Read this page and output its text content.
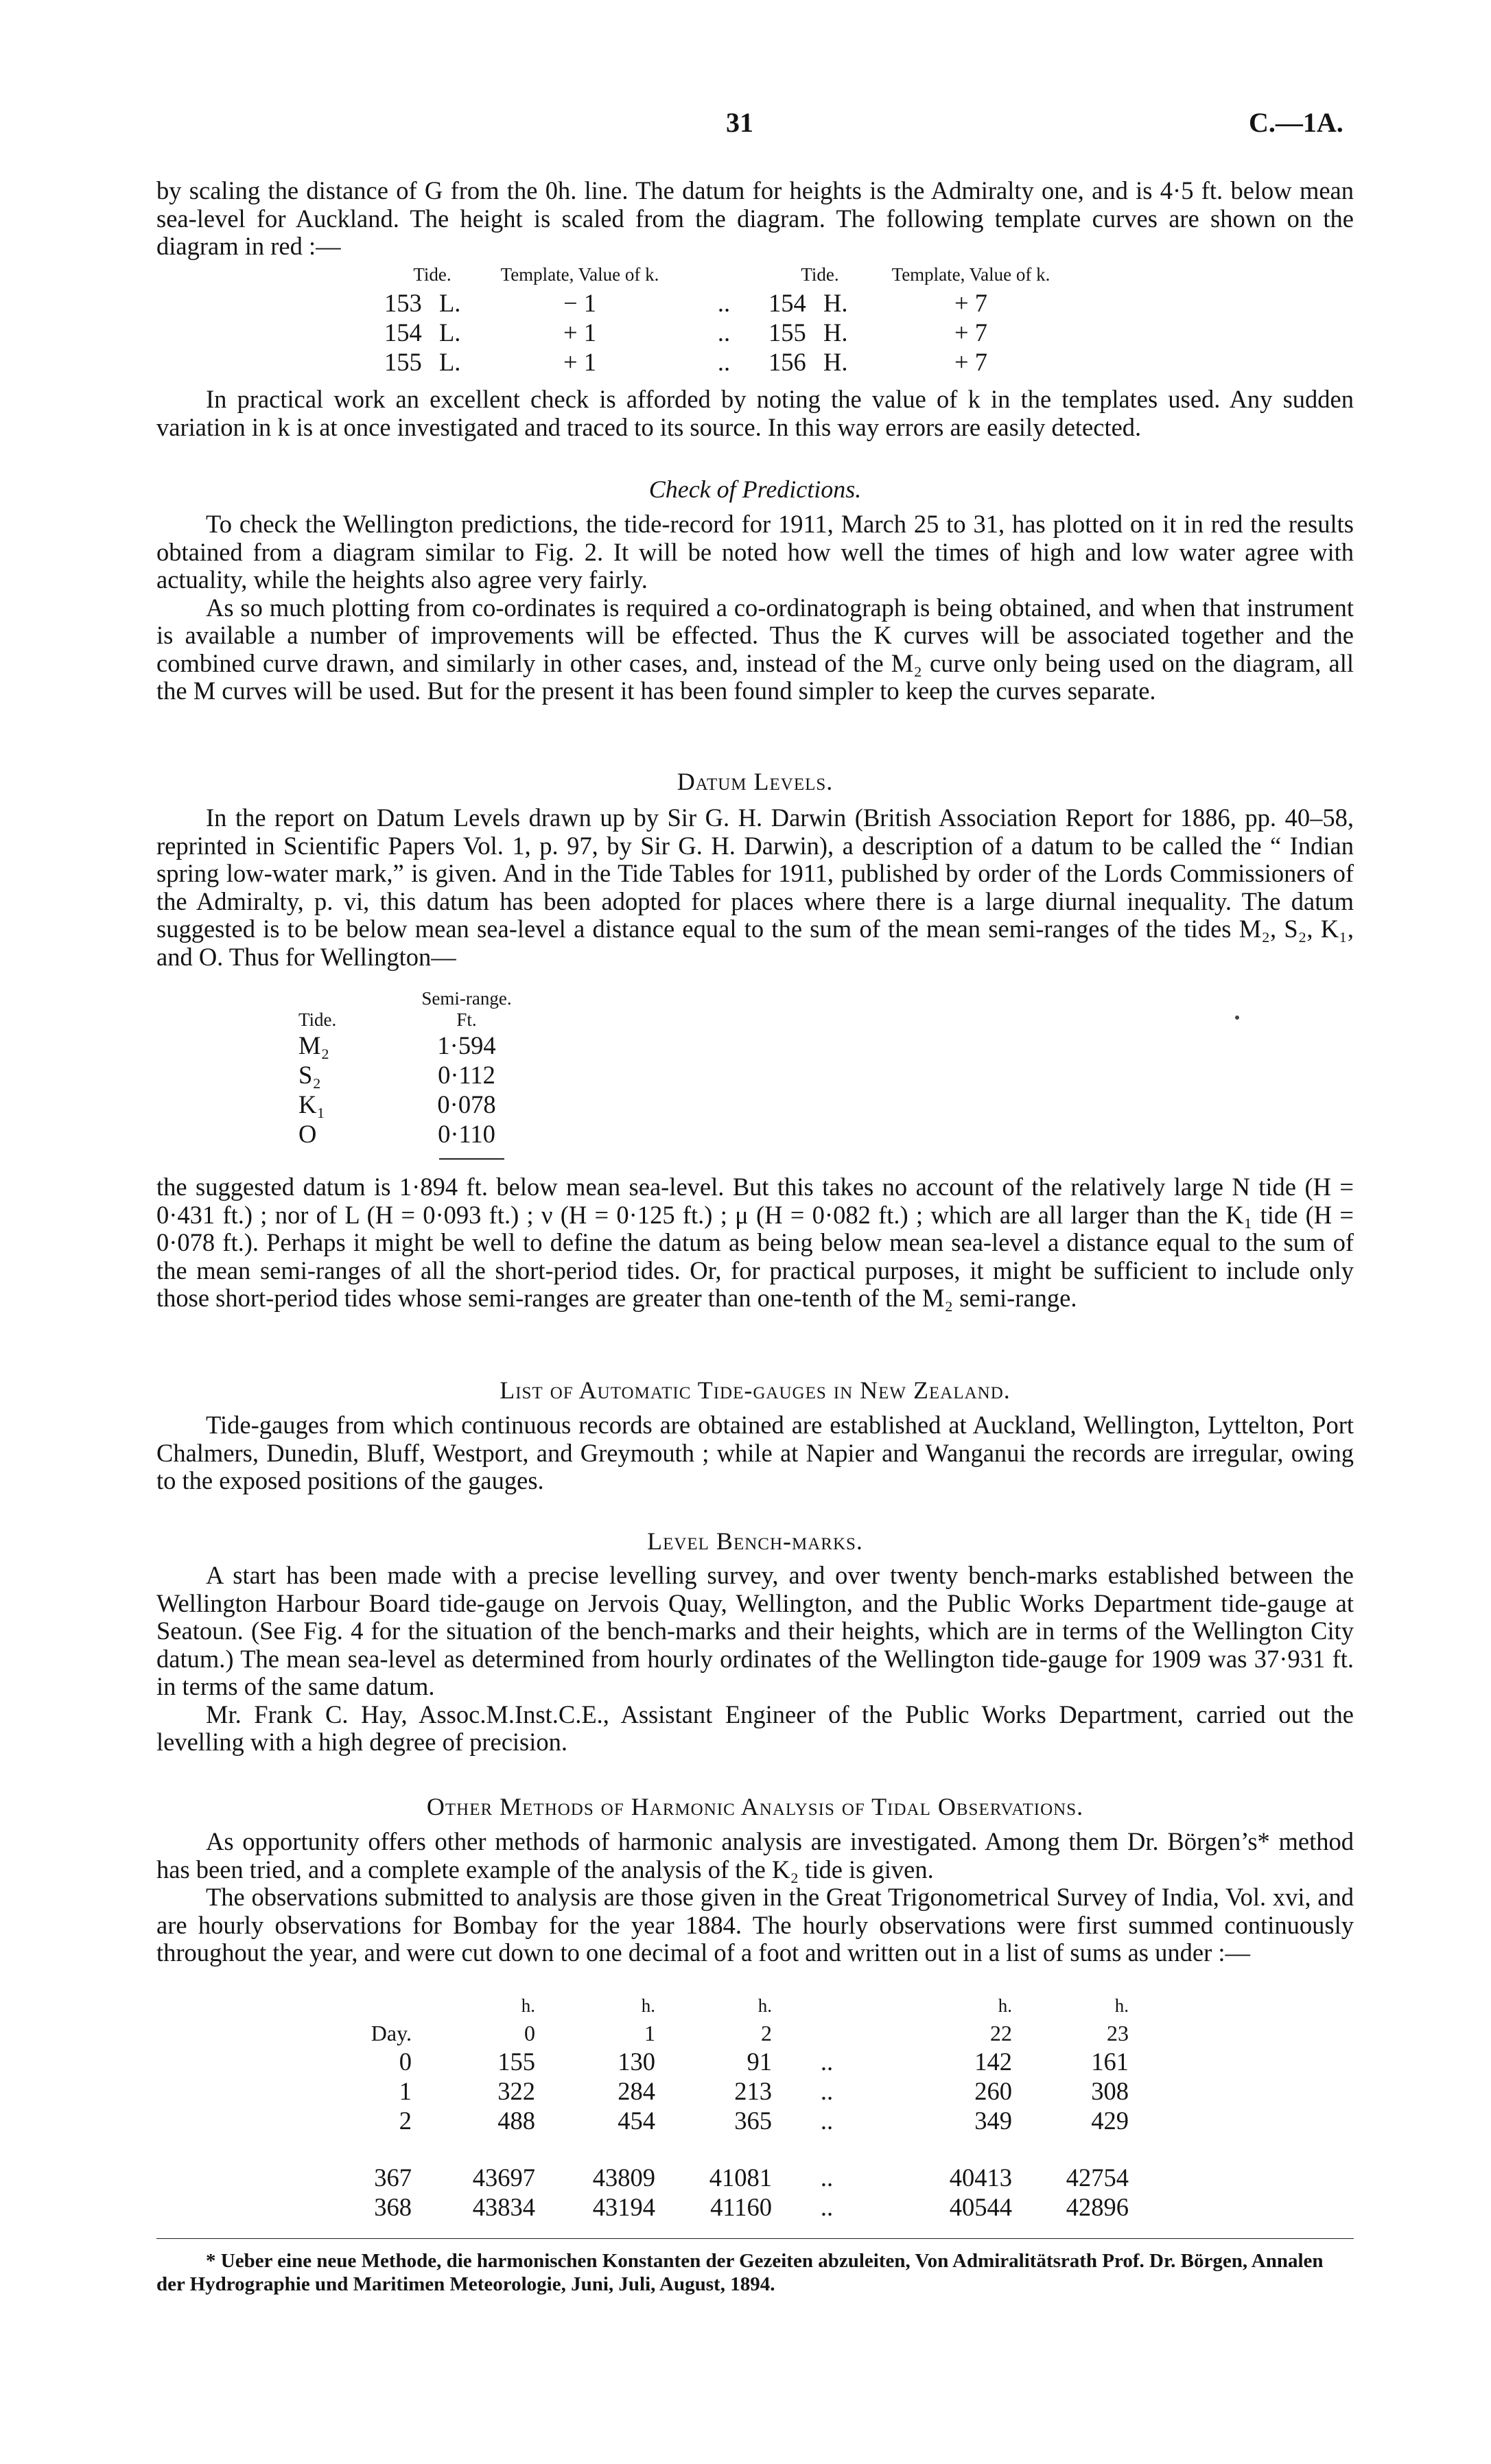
31	C.—1A.

by scaling the distance of G from the 0h. line. The datum for heights is the Admiralty one, and is 4·5 ft. below mean sea-level for Auckland. The height is scaled from the diagram. The following template curves are shown on the diagram in red :—

Tide.		Template, Value of k.		Tide.		Template, Value of k.
153	L.	− 1	..	154	H.	+ 7
154	L.	+ 1	..	155	H.	+ 7
155	L.	+ 1	..	156	H.	+ 7

In practical work an excellent check is afforded by noting the value of k in the templates used. Any sudden variation in k is at once investigated and traced to its source. In this way errors are easily detected.

Check of Predictions.

To check the Wellington predictions, the tide-record for 1911, March 25 to 31, has plotted on it in red the results obtained from a diagram similar to Fig. 2. It will be noted how well the times of high and low water agree with actuality, while the heights also agree very fairly.

As so much plotting from co-ordinates is required a co-ordinatograph is being obtained, and when that instrument is available a number of improvements will be effected. Thus the K curves will be associated together and the combined curve drawn, and similarly in other cases, and, instead of the M₂ curve only being used on the diagram, all the M curves will be used. But for the present it has been found simpler to keep the curves separate.

Datum Levels.

In the report on Datum Levels drawn up by Sir G. H. Darwin (British Association Report for 1886, pp. 40–58, reprinted in Scientific Papers Vol. 1, p. 97, by Sir G. H. Darwin), a description of a datum to be called the “ Indian spring low-water mark,” is given. And in the Tide Tables for 1911, published by order of the Lords Commissioners of the Admiralty, p. vi, this datum has been adopted for places where there is a large diurnal inequality. The datum suggested is to be below mean sea-level a distance equal to the sum of the mean semi-ranges of the tides M₂, S₂, K₁, and O. Thus for Wellington—

Tide.	Semi-range.
Ft.

M₂	1·594
S₂	0·112
K₁	0·078
O	0·110

the suggested datum is 1·894 ft. below mean sea-level. But this takes no account of the relatively large N tide (H = 0·431 ft.) ; nor of L (H = 0·093 ft.) ; ν (H = 0·125 ft.) ; μ (H = 0·082 ft.) ; which are all larger than the K₁ tide (H = 0·078 ft.). Perhaps it might be well to define the datum as being below mean sea-level a distance equal to the sum of the mean semi-ranges of all the short-period tides. Or, for practical purposes, it might be sufficient to include only those short-period tides whose semi-ranges are greater than one-tenth of the M₂ semi-range.

List of Automatic Tide-gauges in New Zealand.

Tide-gauges from which continuous records are obtained are established at Auckland, Wellington, Lyttelton, Port Chalmers, Dunedin, Bluff, Westport, and Greymouth ; while at Napier and Wanganui the records are irregular, owing to the exposed positions of the gauges.

Level Bench-marks.

A start has been made with a precise levelling survey, and over twenty bench-marks established between the Wellington Harbour Board tide-gauge on Jervois Quay, Wellington, and the Public Works Department tide-gauge at Seatoun. (See Fig. 4 for the situation of the bench-marks and their heights, which are in terms of the Wellington City datum.) The mean sea-level as determined from hourly ordinates of the Wellington tide-gauge for 1909 was 37·931 ft. in terms of the same datum.

Mr. Frank C. Hay, Assoc.M.Inst.C.E., Assistant Engineer of the Public Works Department, carried out the levelling with a high degree of precision.

Other Methods of Harmonic Analysis of Tidal Observations.

As opportunity offers other methods of harmonic analysis are investigated. Among them Dr. Börgen’s* method has been tried, and a complete example of the analysis of the K₂ tide is given.

The observations submitted to analysis are those given in the Great Trigonometrical Survey of India, Vol. xvi, and are hourly observations for Bombay for the year 1884. The hourly observations were first summed continuously throughout the year, and were cut down to one decimal of a foot and written out in a list of sums as under :—

	h.	h.	h.		h.	h.
Day.	0	1	2		22	23
0	155	130	91	..	142	161
1	322	284	213	..	260	308
2	488	454	365	..	349	429

367	43697	43809	41081	..	40413	42754
368	43834	43194	41160	..	40544	42896
* Ueber eine neue Methode, die harmonischen Konstanten der Gezeiten abzuleiten, Von Admiralitätsrath Prof. Dr. Börgen, Annalen der Hydrographie und Maritimen Meteorologie, Juni, Juli, August, 1894.
